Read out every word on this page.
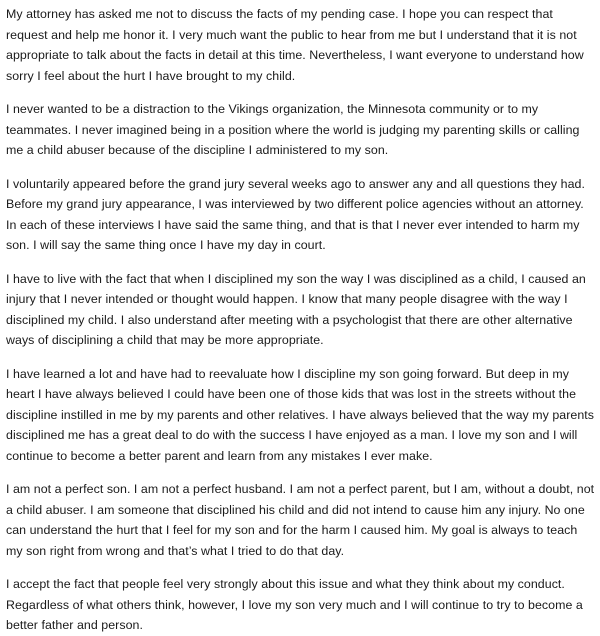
My attorney has asked me not to discuss the facts of my pending case. I hope you can respect that request and help me honor it. I very much want the public to hear from me but I understand that it is not appropriate to talk about the facts in detail at this time. Nevertheless, I want everyone to understand how sorry I feel about the hurt I have brought to my child.

I never wanted to be a distraction to the Vikings organization, the Minnesota community or to my teammates. I never imagined being in a position where the world is judging my parenting skills or calling me a child abuser because of the discipline I administered to my son.

I voluntarily appeared before the grand jury several weeks ago to answer any and all questions they had. Before my grand jury appearance, I was interviewed by two different police agencies without an attorney. In each of these interviews I have said the same thing, and that is that I never ever intended to harm my son. I will say the same thing once I have my day in court.

I have to live with the fact that when I disciplined my son the way I was disciplined as a child, I caused an injury that I never intended or thought would happen. I know that many people disagree with the way I disciplined my child. I also understand after meeting with a psychologist that there are other alternative ways of disciplining a child that may be more appropriate.

I have learned a lot and have had to reevaluate how I discipline my son going forward. But deep in my heart I have always believed I could have been one of those kids that was lost in the streets without the discipline instilled in me by my parents and other relatives. I have always believed that the way my parents disciplined me has a great deal to do with the success I have enjoyed as a man. I love my son and I will continue to become a better parent and learn from any mistakes I ever make.

I am not a perfect son. I am not a perfect husband. I am not a perfect parent, but I am, without a doubt, not a child abuser. I am someone that disciplined his child and did not intend to cause him any injury. No one can understand the hurt that I feel for my son and for the harm I caused him. My goal is always to teach my son right from wrong and that’s what I tried to do that day.

I accept the fact that people feel very strongly about this issue and what they think about my conduct. Regardless of what others think, however, I love my son very much and I will continue to try to become a better father and person.
